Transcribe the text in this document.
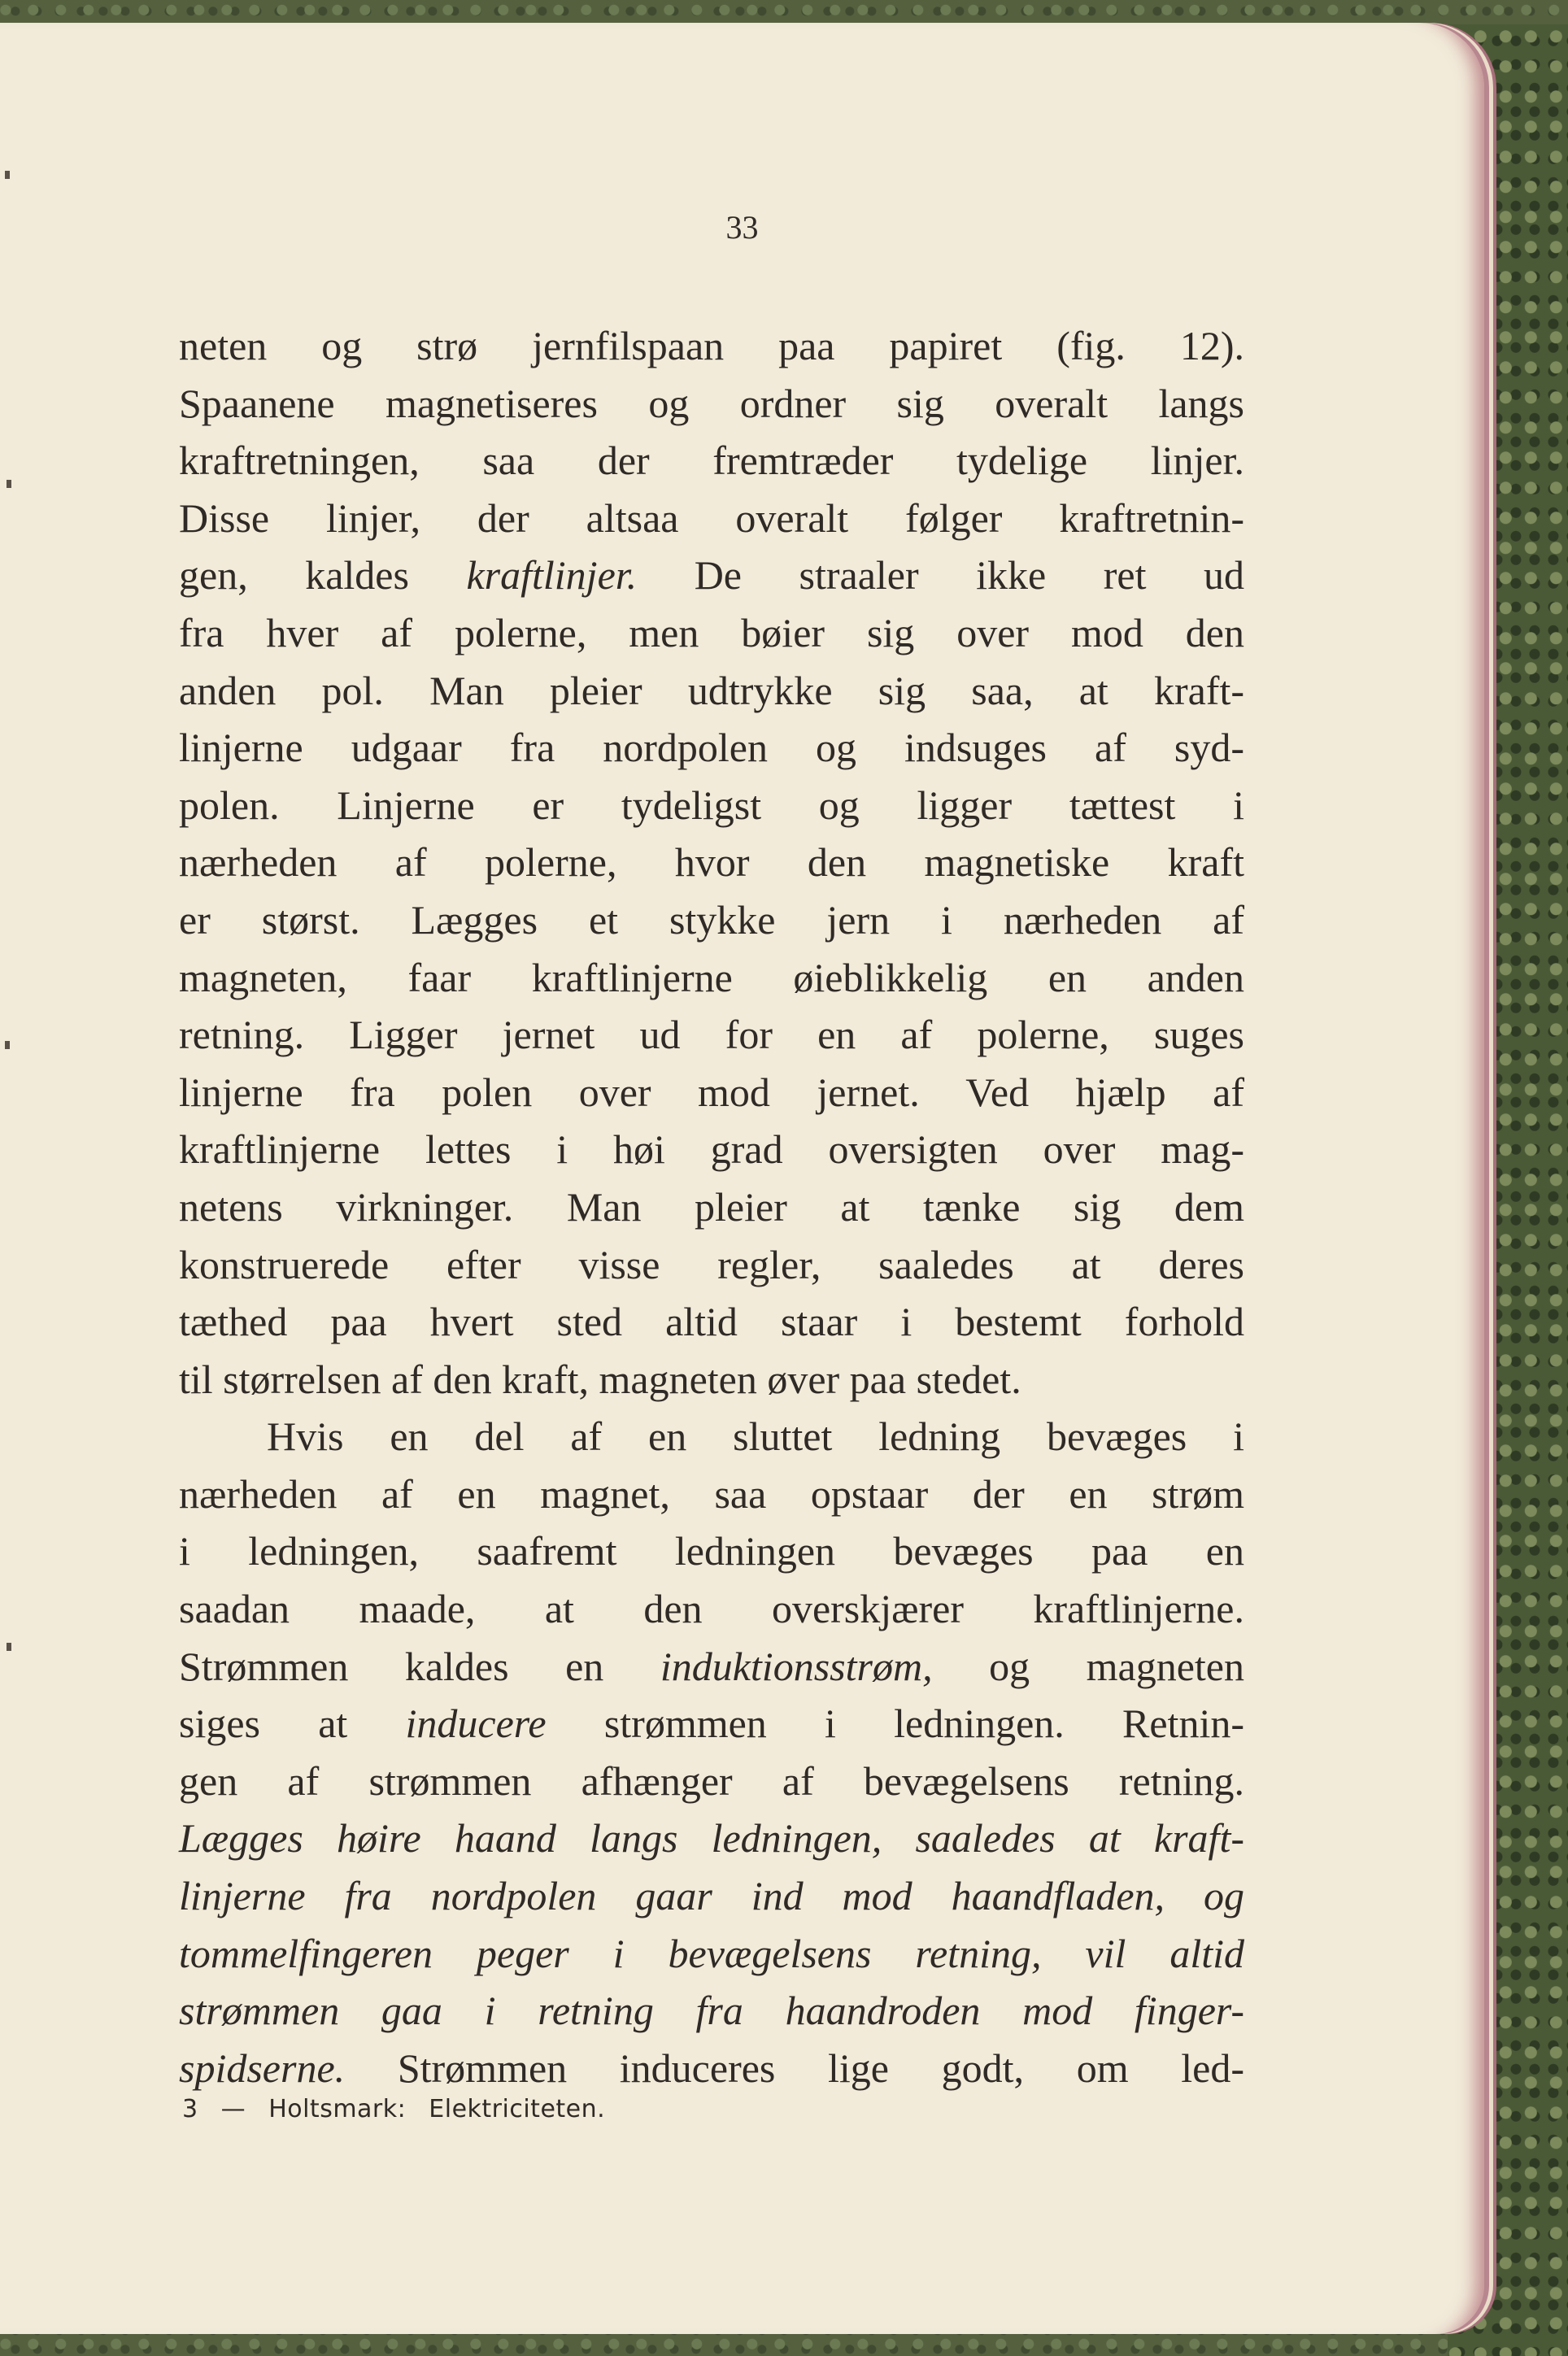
33
neten og strø jernfilspaan paa papiret (fig. 12).
Spaanene magnetiseres og ordner sig overalt langs
kraftretningen, saa der fremtræder tydelige linjer.
Disse linjer, der altsaa overalt følger kraftretnin-
gen, kaldes kraftlinjer. De straaler ikke ret ud
fra hver af polerne, men bøier sig over mod den
anden pol. Man pleier udtrykke sig saa, at kraft-
linjerne udgaar fra nordpolen og indsuges af syd-
polen. Linjerne er tydeligst og ligger tættest i
nærheden af polerne, hvor den magnetiske kraft
er størst. Lægges et stykke jern i nærheden af
magneten, faar kraftlinjerne øieblikkelig en anden
retning. Ligger jernet ud for en af polerne, suges
linjerne fra polen over mod jernet. Ved hjælp af
kraftlinjerne lettes i høi grad oversigten over mag-
netens virkninger. Man pleier at tænke sig dem
konstruerede efter visse regler, saaledes at deres
tæthed paa hvert sted altid staar i bestemt forhold
til størrelsen af den kraft, magneten øver paa stedet.
Hvis en del af en sluttet ledning bevæges i
nærheden af en magnet, saa opstaar der en strøm
i ledningen, saafremt ledningen bevæges paa en
saadan maade, at den overskjærer kraftlinjerne.
Strømmen kaldes en induktionsstrøm, og magneten
siges at inducere strømmen i ledningen. Retnin-
gen af strømmen afhænger af bevægelsens retning.
Lægges høire haand langs ledningen, saaledes at kraft-
linjerne fra nordpolen gaar ind mod haandfladen, og
tommelfingeren peger i bevægelsens retning, vil altid
strømmen gaa i retning fra haandroden mod finger-
spidserne. Strømmen induceres lige godt, om led-
3 — Holtsmark: Elektriciteten.
